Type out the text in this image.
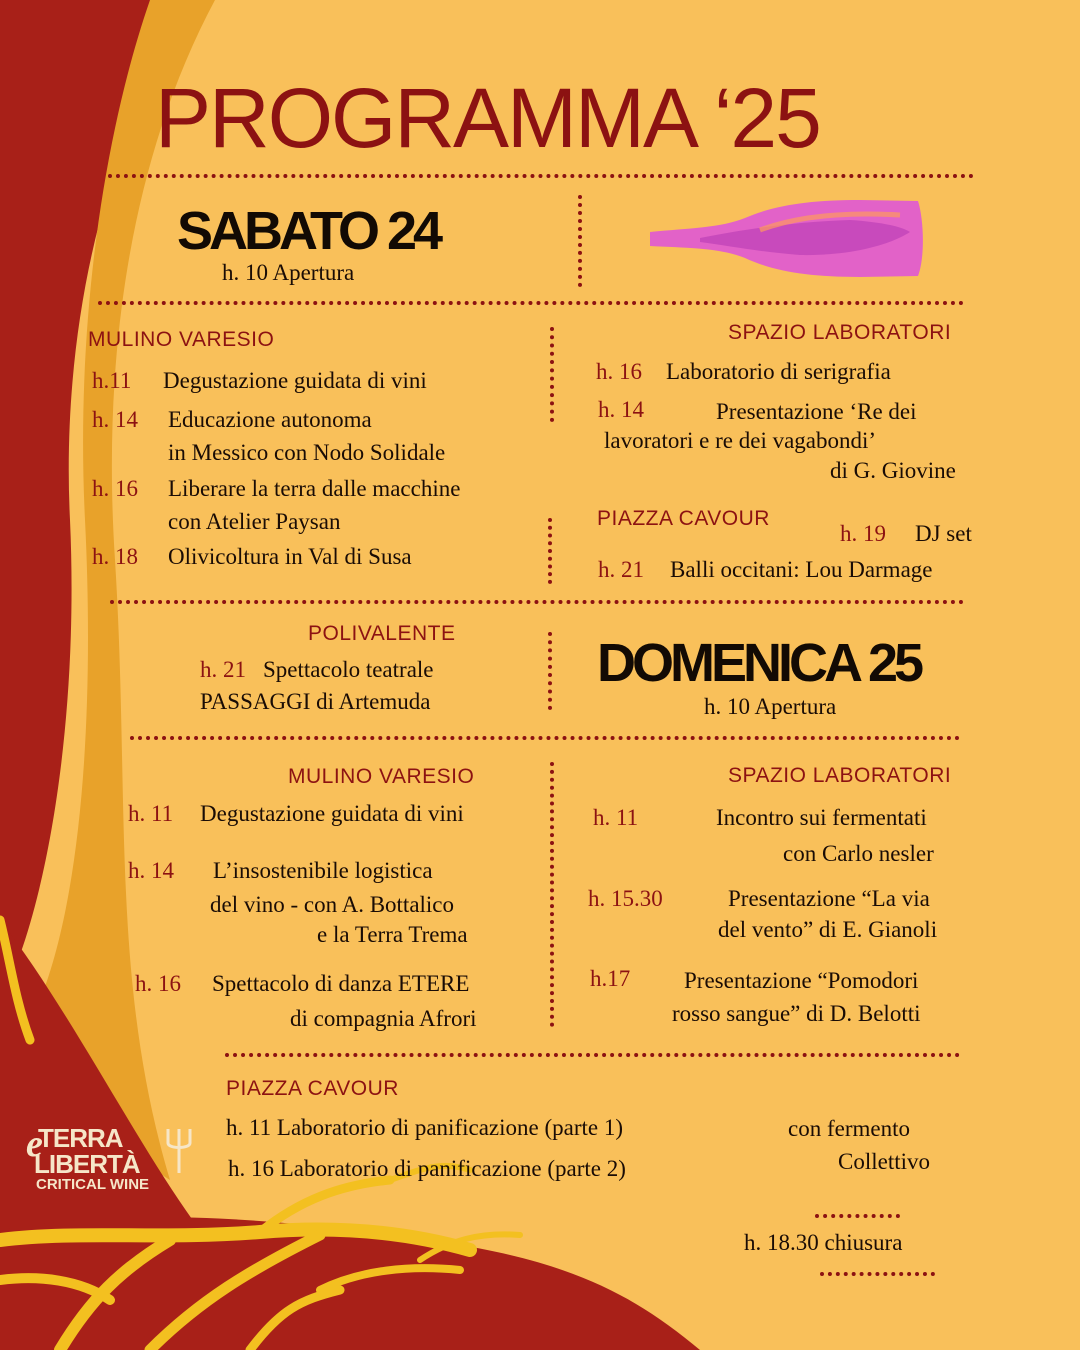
PROGRAMMA ‘25
SABATO 24
h. 10 Apertura
MULINO VARESIO
h.11 Degustazione guidata di vini
h. 14 Educazione autonoma
in Messico con Nodo Solidale
h. 16 Liberare la terra dalle macchine
con Atelier Paysan
h. 18 Olivicoltura in Val di Susa
SPAZIO LABORATORI
h. 16 Laboratorio di serigrafia
h. 14	Presentazione ‘Re dei
lavoratori e re dei vagabondi’
di G. Giovine
PIAZZA CAVOUR
h. 19 DJ set
h. 21 Balli occitani: Lou Darmage
POLIVALENTE
h. 21 Spettacolo teatrale
PASSAGGI di Artemuda
DOMENICA 25
h. 10 Apertura
MULINO VARESIO
h. 11 Degustazione guidata di vini
h. 14 L’insostenibile logistica
del vino - con A. Bottalico
e la Terra Trema
h. 16 Spettacolo di danza ETERE
di compagnia Afrori
SPAZIO LABORATORI
h. 11	Incontro sui fermentati
con Carlo nesler
h. 15.30	Presentazione “La via
del vento” di E. Gianoli
h.17 Presentazione “Pomodori
rosso sangue” di D. Belotti
PIAZZA CAVOUR
h. 11 Laboratorio di panificazione (parte 1)
h. 16 Laboratorio di panificazione (parte 2)
con fermento
Collettivo
h. 18.30 chiusura
e
TERRA
LIBERTÀ
CRITICAL WINE
